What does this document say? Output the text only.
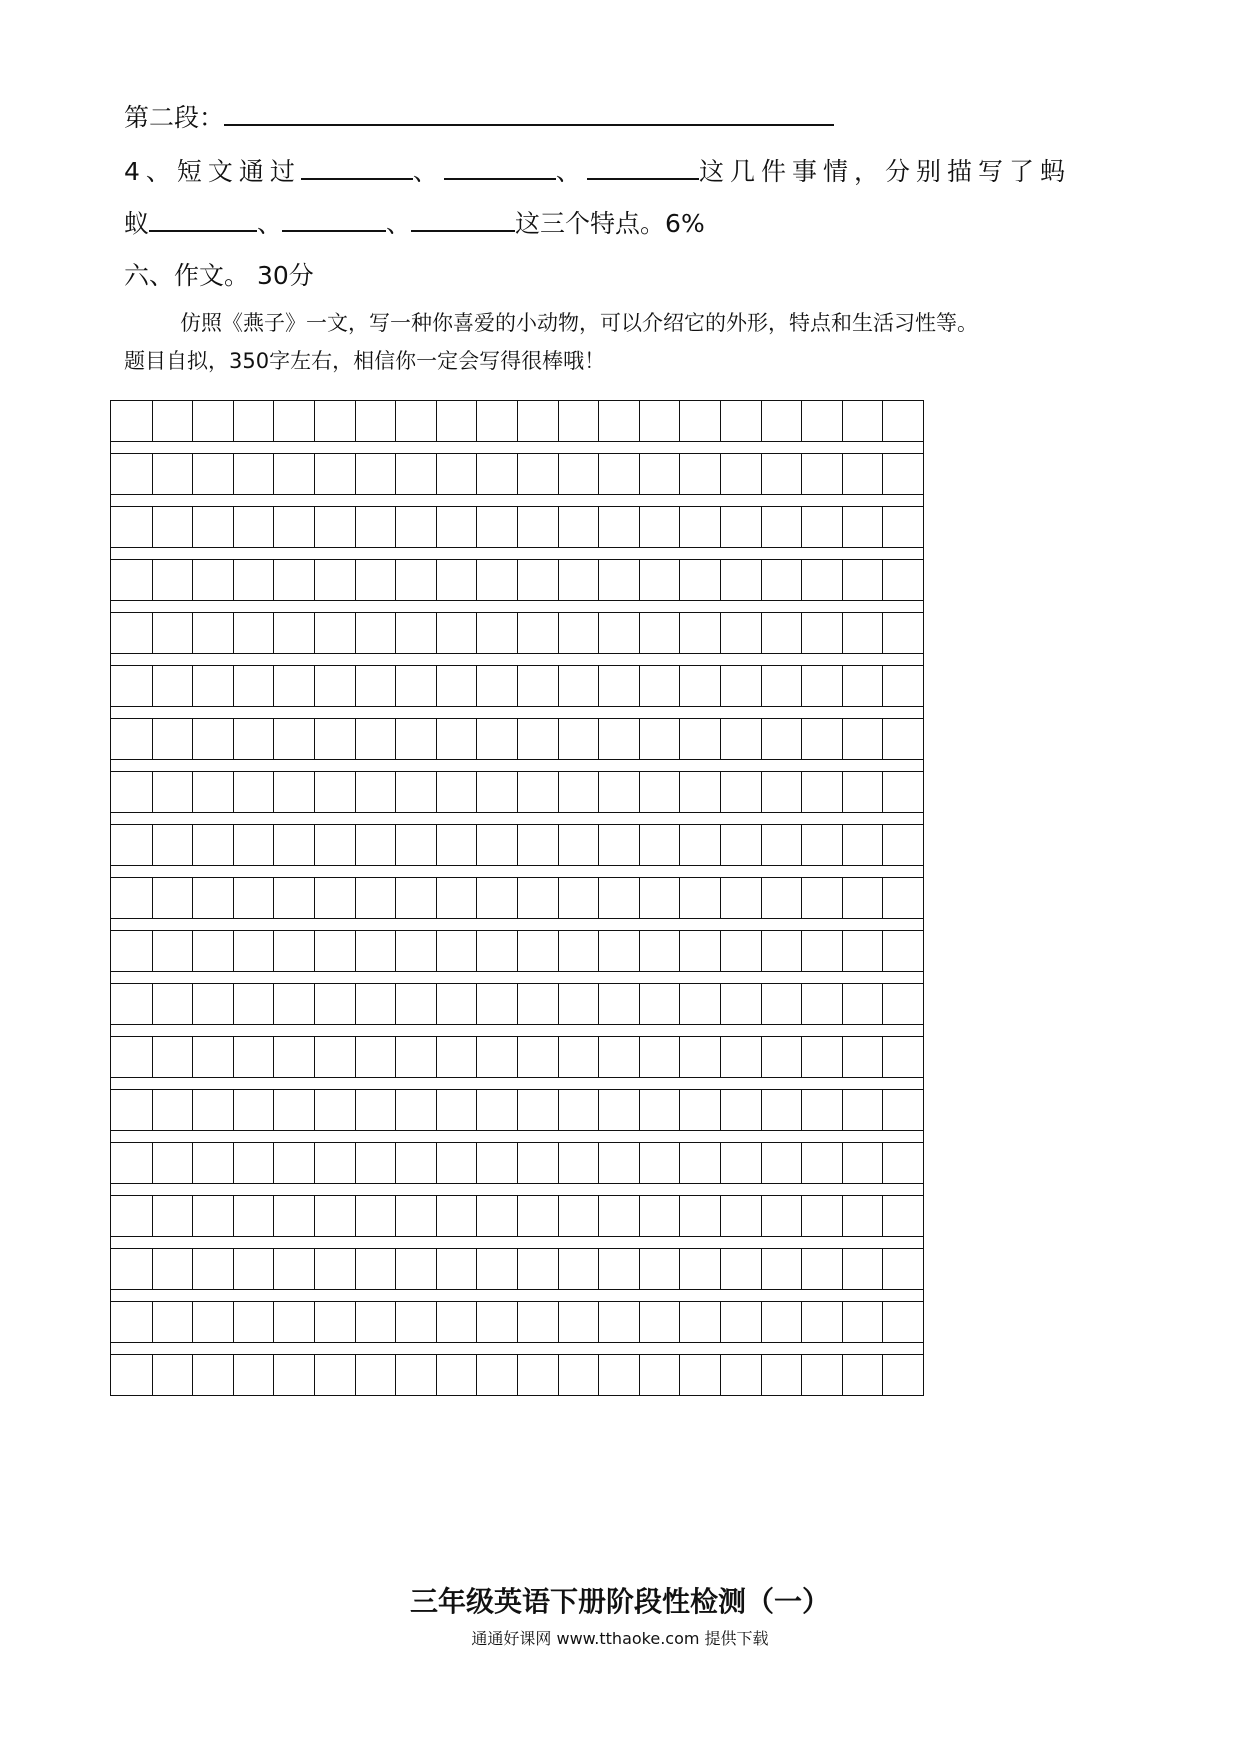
第二段：
4、短文通过	、	、	这几件事情，分别描写了蚂
蚁	、	、	这三个特点。6%
六、作文。 30分
仿照《燕子》一文，写一种你喜爱的小动物，可以介绍它的外形，特点和生活习性等。
题目自拟，350字左右，相信你一定会写得很棒哦！
三年级英语下册阶段性检测（一）
通通好课网 www.tthaoke.com 提供下载
